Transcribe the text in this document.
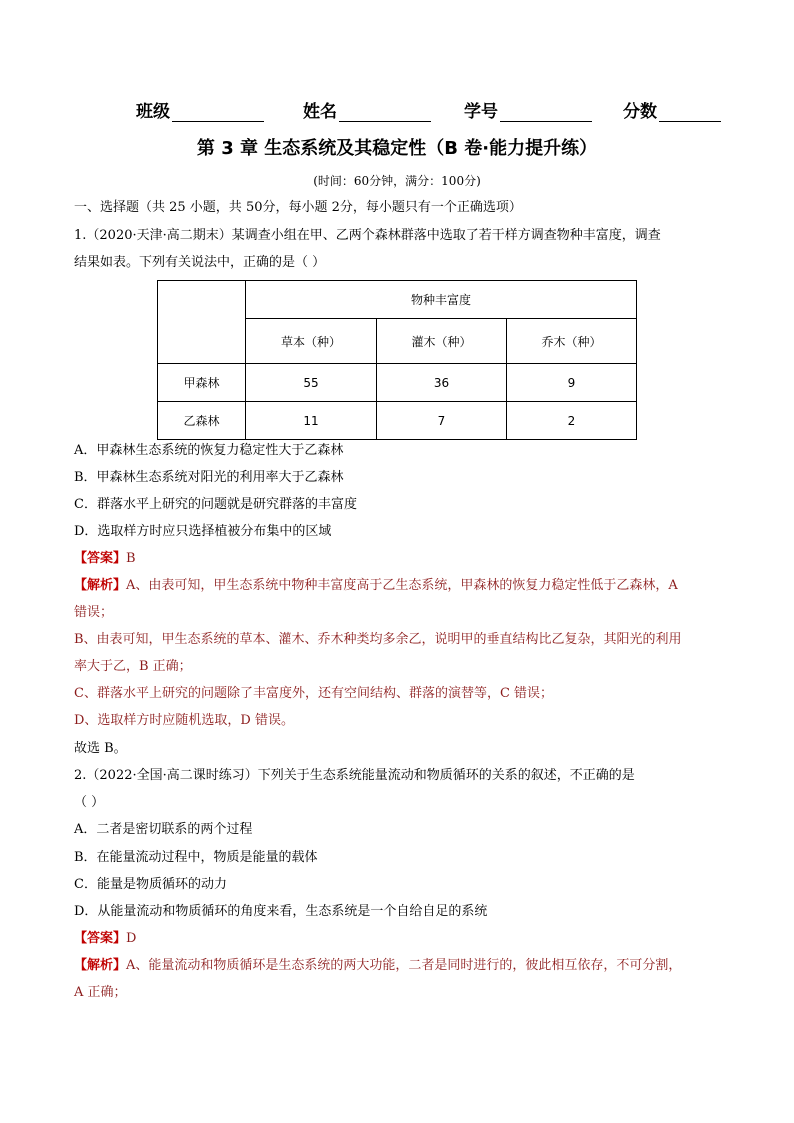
班级	姓名	学号	分数
第 3 章 生态系统及其稳定性（B 卷·能力提升练）
(时间：60分钟，满分：100分)
一、选择题（共 25 小题，共 50分，每小题 2分，每小题只有一个正确选项）
1.（2020·天津·高二期末）某调查小组在甲、乙两个森林群落中选取了若干样方调查物种丰富度，调查
结果如表。下列有关说法中，正确的是（ ）
	物种丰富度		
	草本（种）	灌木（种）	乔木（种）
甲森林	55	36	9
乙森林	11	7	2
A．甲森林生态系统的恢复力稳定性大于乙森林
B．甲森林生态系统对阳光的利用率大于乙森林
C．群落水平上研究的问题就是研究群落的丰富度
D．选取样方时应只选择植被分布集中的区域
【答案】B
【解析】A、由表可知，甲生态系统中物种丰富度高于乙生态系统，甲森林的恢复力稳定性低于乙森林，A
错误；
B、由表可知，甲生态系统的草本、灌木、乔木种类均多余乙，说明甲的垂直结构比乙复杂，其阳光的利用
率大于乙，B 正确；
C、群落水平上研究的问题除了丰富度外，还有空间结构、群落的演替等，C 错误；
D、选取样方时应随机选取，D 错误。
故选 B。
2.（2022·全国·高二课时练习）下列关于生态系统能量流动和物质循环的关系的叙述，不正确的是
（ ）
A．二者是密切联系的两个过程
B．在能量流动过程中，物质是能量的载体
C．能量是物质循环的动力
D．从能量流动和物质循环的角度来看，生态系统是一个自给自足的系统
【答案】D
【解析】A、能量流动和物质循环是生态系统的两大功能，二者是同时进行的，彼此相互依存，不可分割，
A 正确；
